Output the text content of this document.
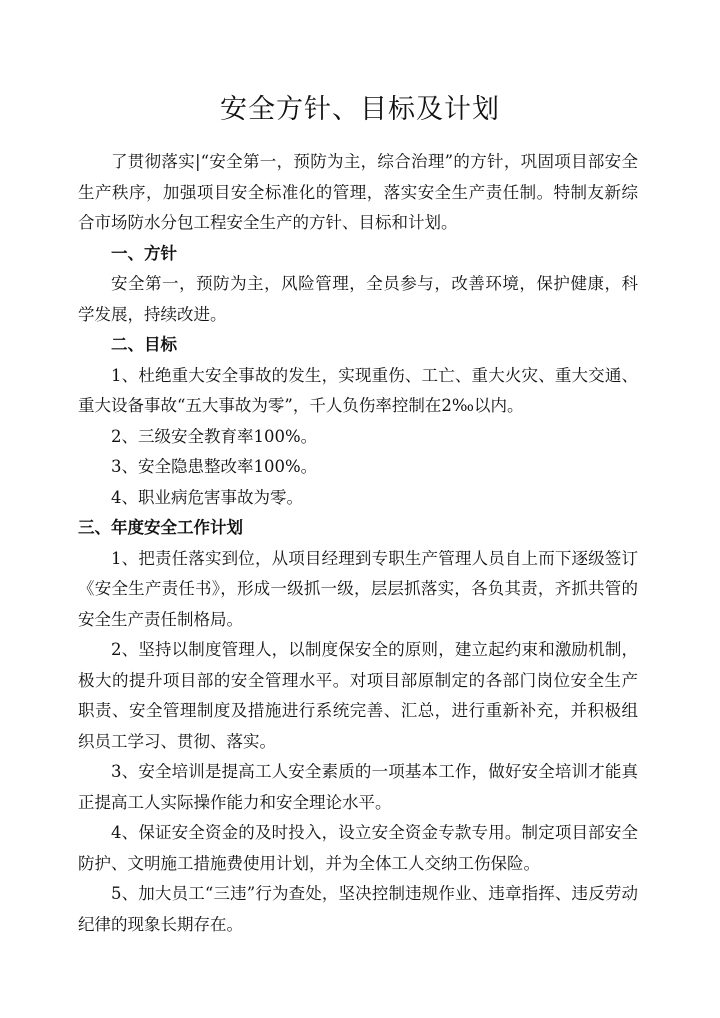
安全方针、目标及计划

了贯彻落实|“安全第一，预防为主，综合治理”的方针，巩固项目部安全生产秩序，加强项目安全标准化的管理，落实安全生产责任制。特制友新综合市场防水分包工程安全生产的方针、目标和计划。

一、方针

安全第一，预防为主，风险管理，全员参与，改善环境，保护健康，科学发展，持续改进。

二、目标

1、杜绝重大安全事故的发生，实现重伤、工亡、重大火灾、重大交通、重大设备事故“五大事故为零”，千人负伤率控制在2‰以内。

2、三级安全教育率100%。

3、安全隐患整改率100%。

4、职业病危害事故为零。

三、年度安全工作计划

1、把责任落实到位，从项目经理到专职生产管理人员自上而下逐级签订《安全生产责任书》，形成一级抓一级，层层抓落实，各负其责，齐抓共管的安全生产责任制格局。

2、坚持以制度管理人，以制度保安全的原则，建立起约束和激励机制，极大的提升项目部的安全管理水平。对项目部原制定的各部门岗位安全生产职责、安全管理制度及措施进行系统完善、汇总，进行重新补充，并积极组织员工学习、贯彻、落实。

3、安全培训是提高工人安全素质的一项基本工作，做好安全培训才能真正提高工人实际操作能力和安全理论水平。

4、保证安全资金的及时投入，设立安全资金专款专用。制定项目部安全防护、文明施工措施费使用计划，并为全体工人交纳工伤保险。

5、加大员工“三违”行为查处，坚决控制违规作业、违章指挥、违反劳动纪律的现象长期存在。
